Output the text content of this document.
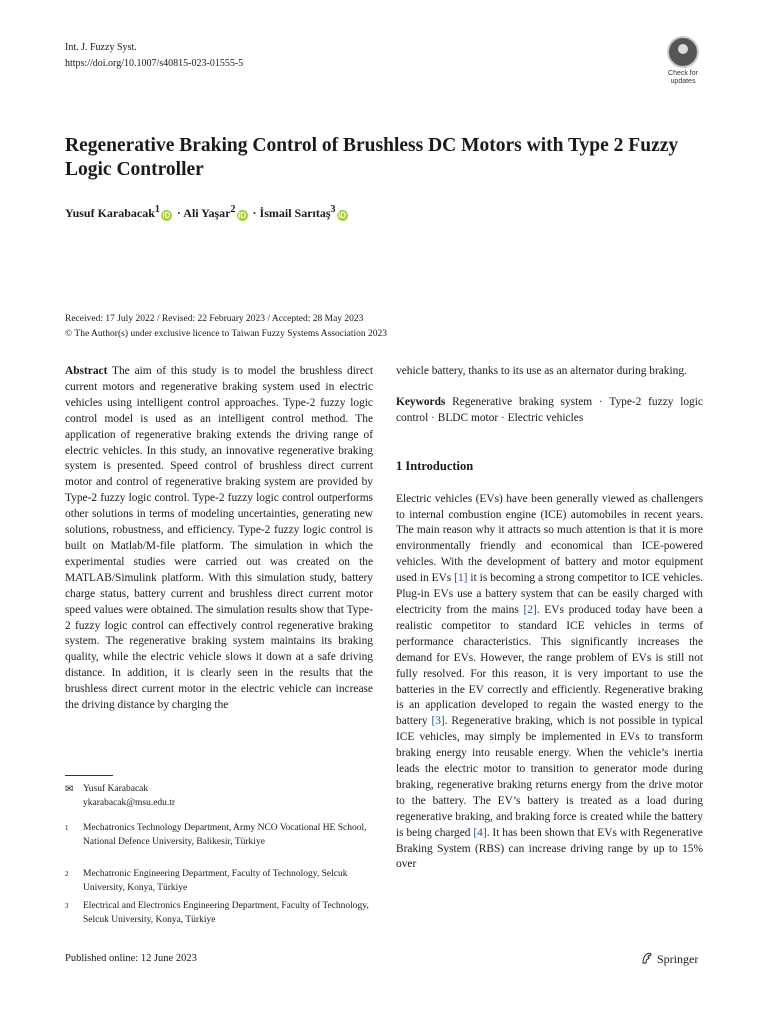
Int. J. Fuzzy Syst.
https://doi.org/10.1007/s40815-023-01555-5
Check for updates
Regenerative Braking Control of Brushless DC Motors with Type 2 Fuzzy Logic Controller
Yusuf Karabacak$^1$iD · Ali Yaşar$^2$iD · İsmail Sarıtaş$^3$iD
Received: 17 July 2022 / Revised: 22 February 2023 / Accepted: 28 May 2023
© The Author(s) under exclusive licence to Taiwan Fuzzy Systems Association 2023

Abstract The aim of this study is to model the brushless direct current motors and regenerative braking system used in electric vehicles using intelligent control approaches. Type-2 fuzzy logic control model is used as an intelligent control method. The application of regenerative braking extends the driving range of electric vehicles. In this study, an innovative regenerative braking system is presented. Speed control of brushless direct current motor and control of regenerative braking system are provided by Type-2 fuzzy logic control. Type-2 fuzzy logic control outperforms other solutions in terms of modeling uncertainties, generating new solutions, robustness, and efficiency. Type-2 fuzzy logic control is built on Matlab/M-file platform. The simulation in which the experimental studies were carried out was created on the MATLAB/Simulink platform. With this simulation study, battery charge status, battery current and brushless direct current motor speed values were obtained. The simulation results show that Type-2 fuzzy logic control can effectively control regenerative braking system. The regenerative braking system maintains its braking quality, while the electric vehicle slows it down at a safe driving distance. In addition, it is clearly seen in the results that the brushless direct current motor in the electric vehicle can increase the driving distance by charging the

vehicle battery, thanks to its use as an alternator during braking.

Keywords Regenerative braking system · Type-2 fuzzy logic control · BLDC motor · Electric vehicles

1 Introduction

Electric vehicles (EVs) have been generally viewed as challengers to internal combustion engine (ICE) automobiles in recent years. The main reason why it attracts so much attention is that it is more environmentally friendly and economical than ICE-powered vehicles. With the development of battery and motor equipment used in EVs [1] it is becoming a strong competitor to ICE vehicles. Plug-in EVs use a battery system that can be easily charged with electricity from the mains [2]. EVs produced today have been a realistic competitor to standard ICE vehicles in terms of performance characteristics. This significantly increases the demand for EVs. However, the range problem of EVs is still not fully resolved. For this reason, it is very important to use the batteries in the EV correctly and efficiently. Regenerative braking is an application developed to regain the wasted energy to the battery [3]. Regenerative braking, which is not possible in typical ICE vehicles, may simply be implemented in EVs to transform braking energy into reusable energy. When the vehicle’s inertia leads the electric motor to transition to generator mode during braking, regenerative braking returns energy from the drive motor to the battery. The EV’s battery is treated as a load during regenerative braking, and braking force is created while the battery is being charged [4]. It has been shown that EVs with Regenerative Braking System (RBS) can increase driving range by up to 15% over

✉ Yusuf Karabacak
ykarabacak@msu.edu.tr
1 Mechatronics Technology Department, Army NCO Vocational HE School, National Defence University, Balikesir, Türkiye
2 Mechatronic Engineering Department, Faculty of Technology, Selcuk University, Konya, Türkiye
3 Electrical and Electronics Engineering Department, Faculty of Technology, Selcuk University, Konya, Türkiye
Published online: 12 June 2023	Springer
